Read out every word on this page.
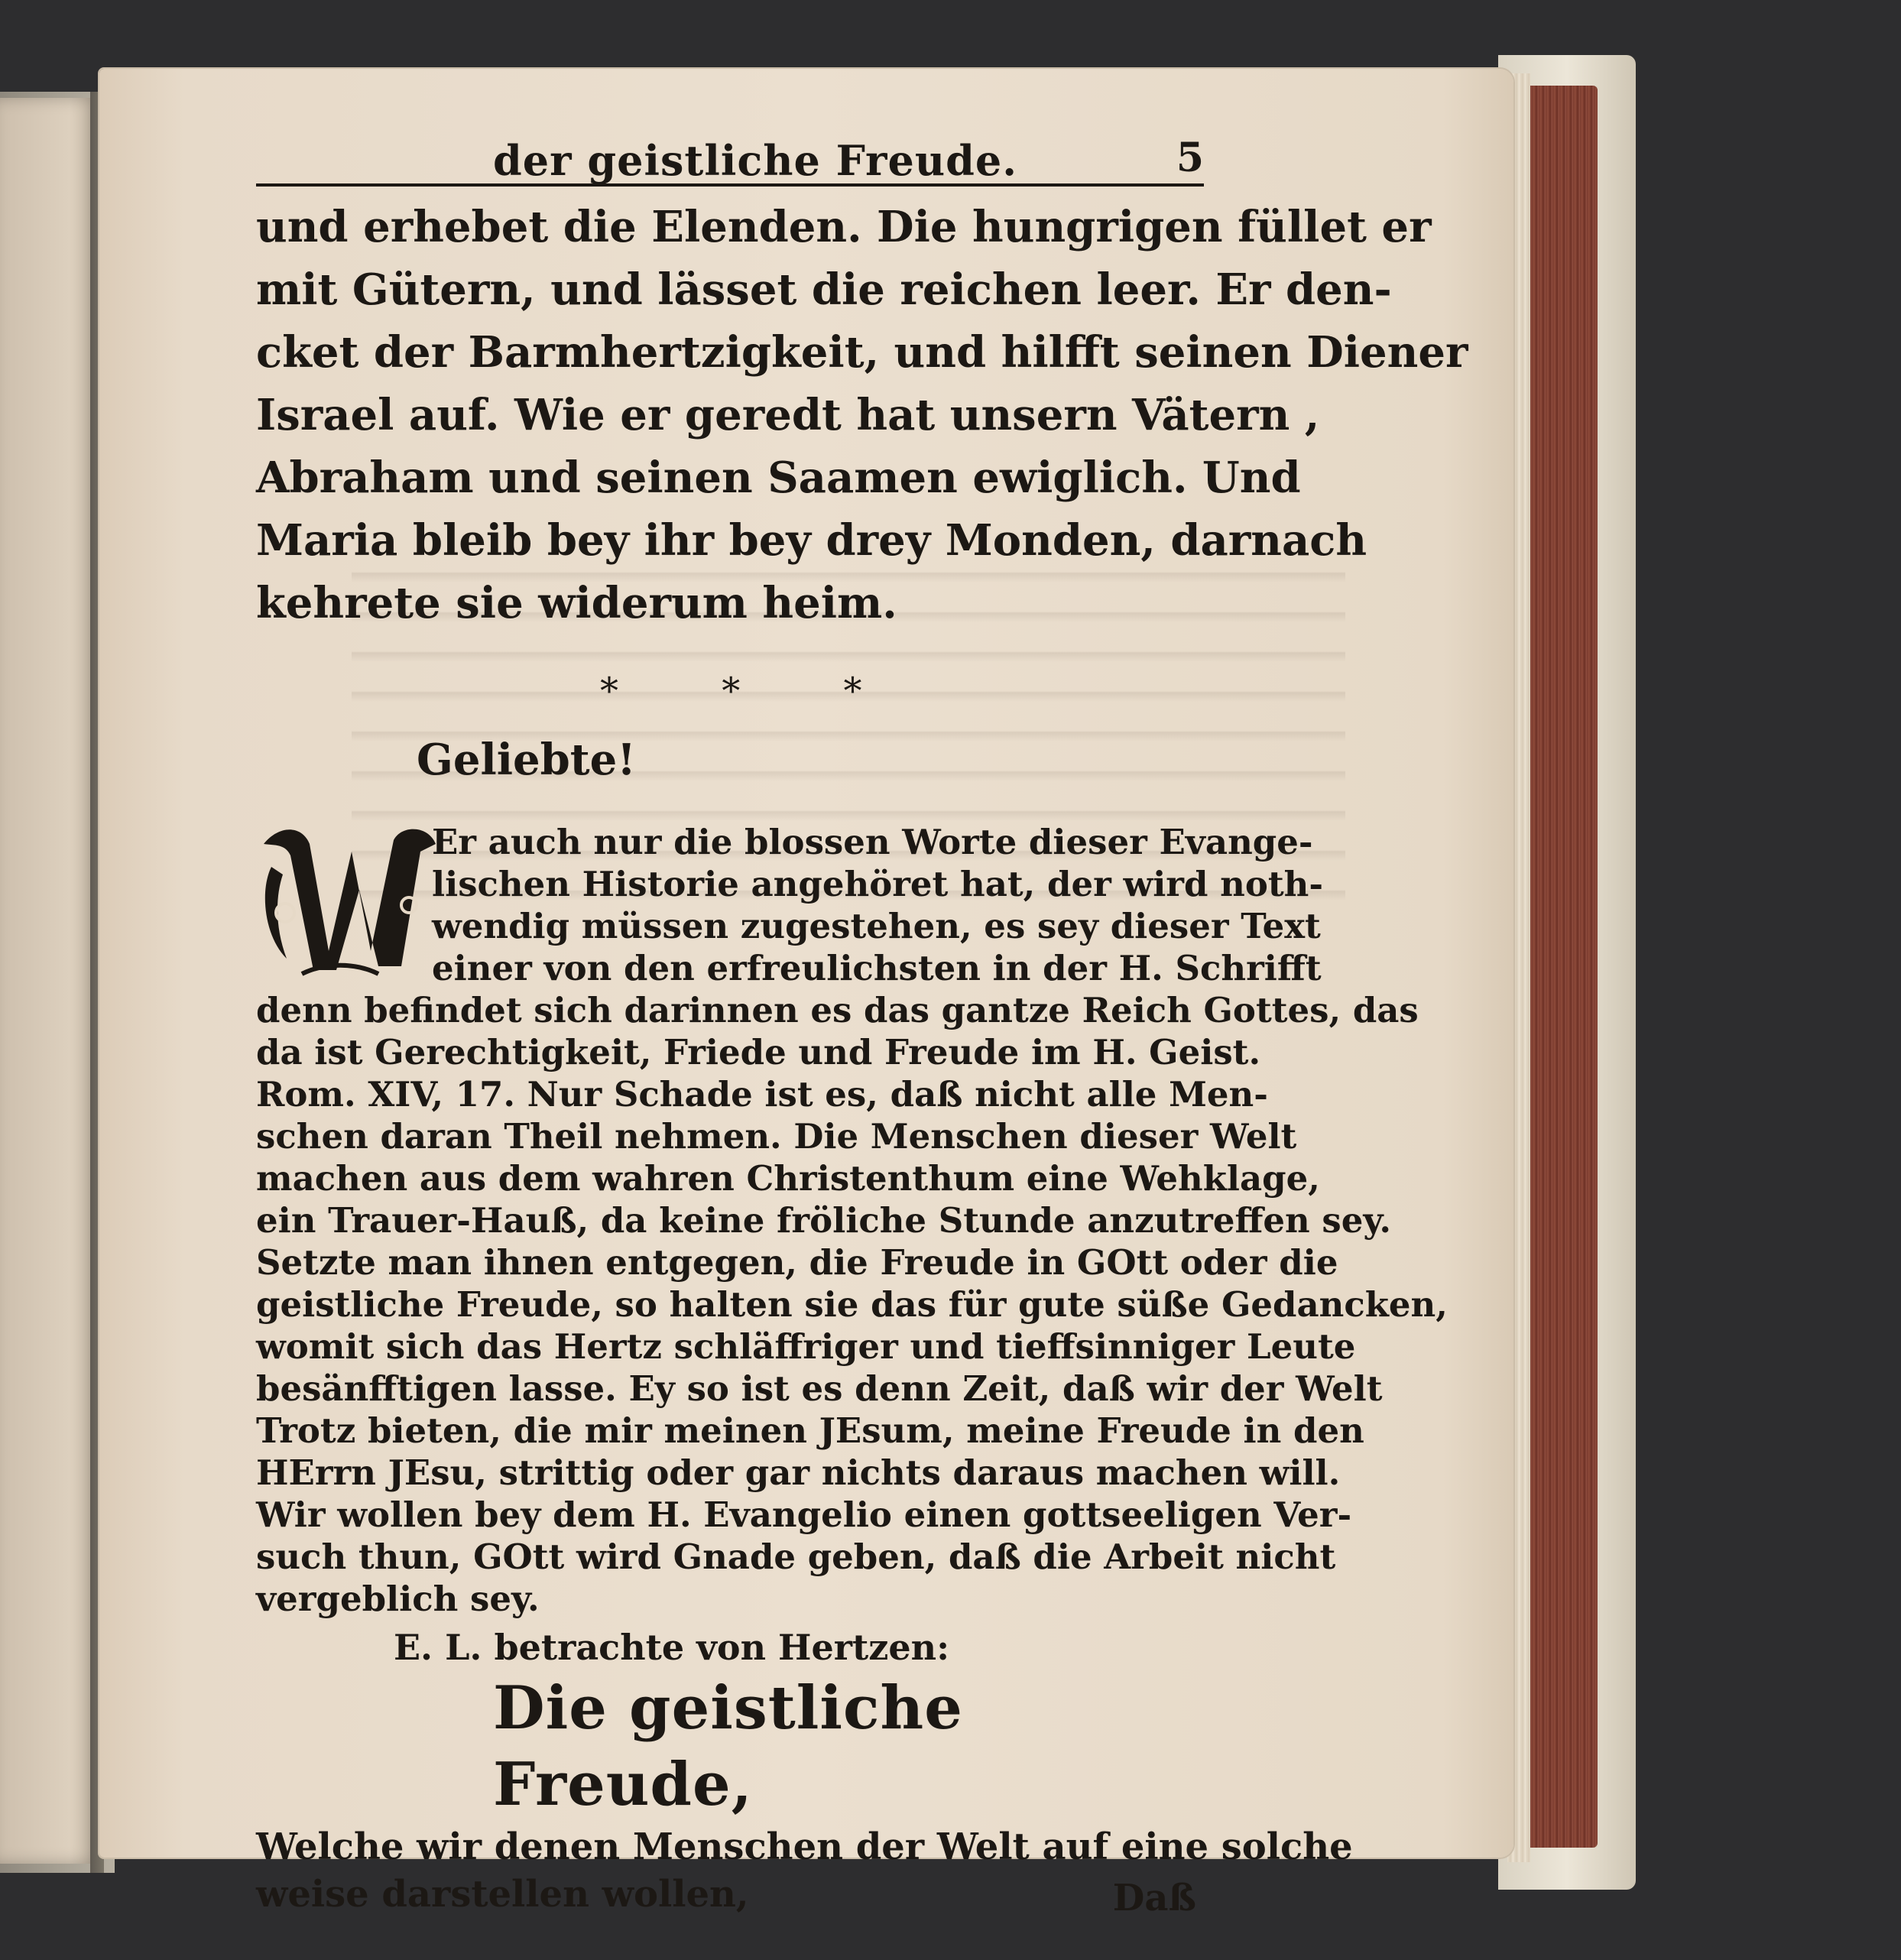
der geistliche Freude.	5
und erhebet die Elenden. Die hungrigen füllet er
mit Gütern, und lässet die reichen leer. Er den-
cket der Barmhertzigkeit, und hilfft seinen Diener
Israel auf. Wie er geredt hat unsern Vätern ,
Abraham und seinen Saamen ewiglich. Und
Maria bleib bey ihr bey drey Monden, darnach
kehrete sie widerum heim.
* * *
Geliebte!
Er auch nur die blossen Worte dieser Evange-
lischen Historie angehöret hat, der wird noth-
wendig müssen zugestehen, es sey dieser Text
einer von den erfreulichsten in der H. Schrifft
denn befindet sich darinnen es das gantze Reich Gottes, das
da ist Gerechtigkeit, Friede und Freude im H. Geist.
Rom. XIV, 17. Nur Schade ist es, daß nicht alle Men-
schen daran Theil nehmen. Die Menschen dieser Welt
machen aus dem wahren Christenthum eine Wehklage,
ein Trauer-Hauß, da keine fröliche Stunde anzutreffen sey.
Setzte man ihnen entgegen, die Freude in GOtt oder die
geistliche Freude, so halten sie das für gute süße Gedancken,
womit sich das Hertz schläffriger und tieffsinniger Leute
besänfftigen lasse. Ey so ist es denn Zeit, daß wir der Welt
Trotz bieten, die mir meinen JEsum, meine Freude in den
HErrn JEsu, strittig oder gar nichts daraus machen will.
Wir wollen bey dem H. Evangelio einen gottseeligen Ver-
such thun, GOtt wird Gnade geben, daß die Arbeit nicht
vergeblich sey.
E. L. betrachte von Hertzen:
Die geistliche Freude,
Welche wir denen Menschen der Welt auf eine solche
weise darstellen wollen,	Daß
